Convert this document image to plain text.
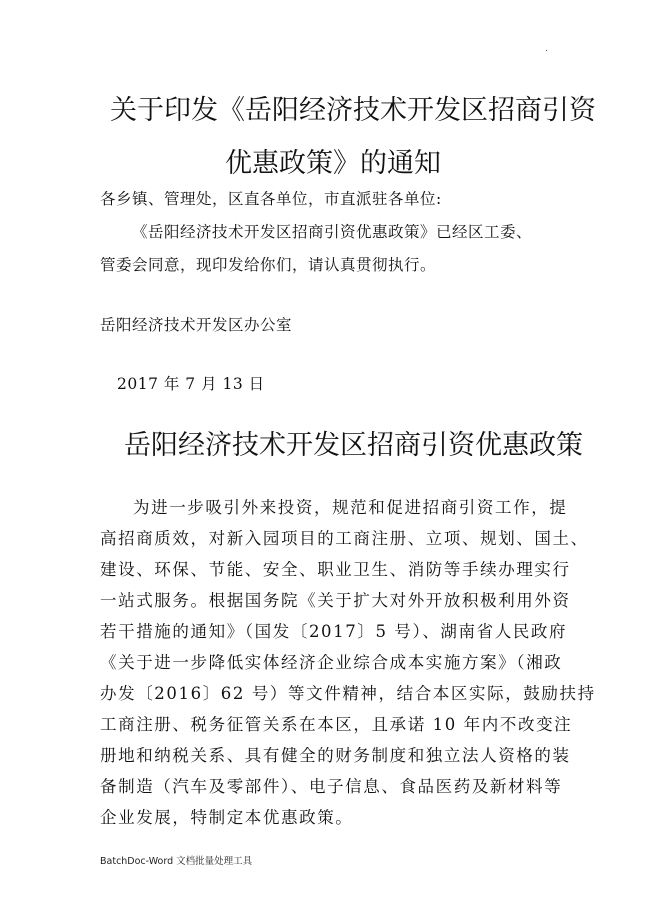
.
关于印发《岳阳经济技术开发区招商引资
优惠政策》的通知
各乡镇、管理处，区直各单位，市直派驻各单位:
《岳阳经济技术开发区招商引资优惠政策》已经区工委、
管委会同意，现印发给你们，请认真贯彻执行。
岳阳经济技术开发区办公室
2017 年 7 月 13 日
岳阳经济技术开发区招商引资优惠政策
为进一步吸引外来投资，规范和促进招商引资工作，提
高招商质效，对新入园项目的工商注册、立项、规划、国土、
建设、环保、节能、安全、职业卫生、消防等手续办理实行
一站式服务。根据国务院《关于扩大对外开放积极利用外资
若干措施的通知》（国发〔2017〕5 号）、湖南省人民政府
《关于进一步降低实体经济企业综合成本实施方案》（湘政
办发〔2016〕62 号）等文件精神，结合本区实际，鼓励扶持
工商注册、税务征管关系在本区，且承诺 10 年内不改变注
册地和纳税关系、具有健全的财务制度和独立法人资格的装
备制造（汽车及零部件）、电子信息、食品医药及新材料等
企业发展，特制定本优惠政策。
BatchDoc-Word 文档批量处理工具
